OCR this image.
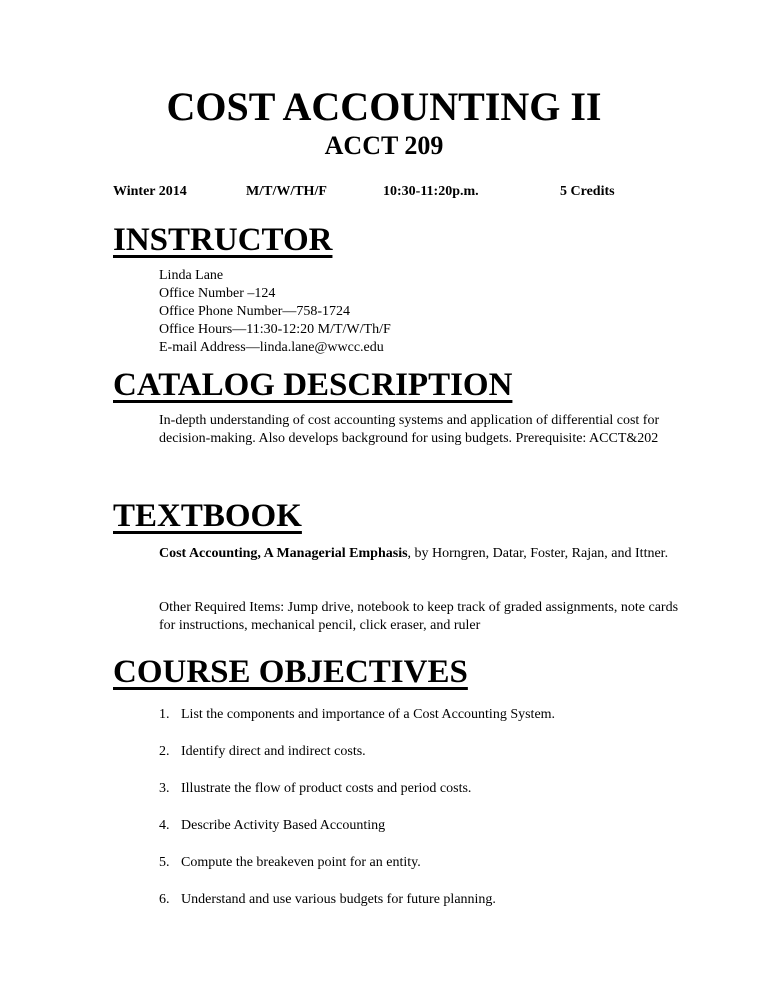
COST ACCOUNTING II
ACCT 209
Winter 2014	M/T/W/TH/F	10:30-11:20p.m.	5 Credits
INSTRUCTOR
Linda Lane
Office Number –124
Office Phone Number—758-1724
Office Hours—11:30-12:20 M/T/W/Th/F
E-mail Address—linda.lane@wwcc.edu
CATALOG DESCRIPTION

In-depth understanding of cost accounting systems and application of differential cost for decision-making. Also develops background for using budgets. Prerequisite: ACCT&202

TEXTBOOK

Cost Accounting, A Managerial Emphasis, by Horngren, Datar, Foster, Rajan, and Ittner.

Other Required Items: Jump drive, notebook to keep track of graded assignments, note cards for instructions, mechanical pencil, click eraser, and ruler

COURSE OBJECTIVES
1. List the components and importance of a Cost Accounting System.
2. Identify direct and indirect costs.
3. Illustrate the flow of product costs and period costs.
4. Describe Activity Based Accounting
5. Compute the breakeven point for an entity.
6. Understand and use various budgets for future planning.
